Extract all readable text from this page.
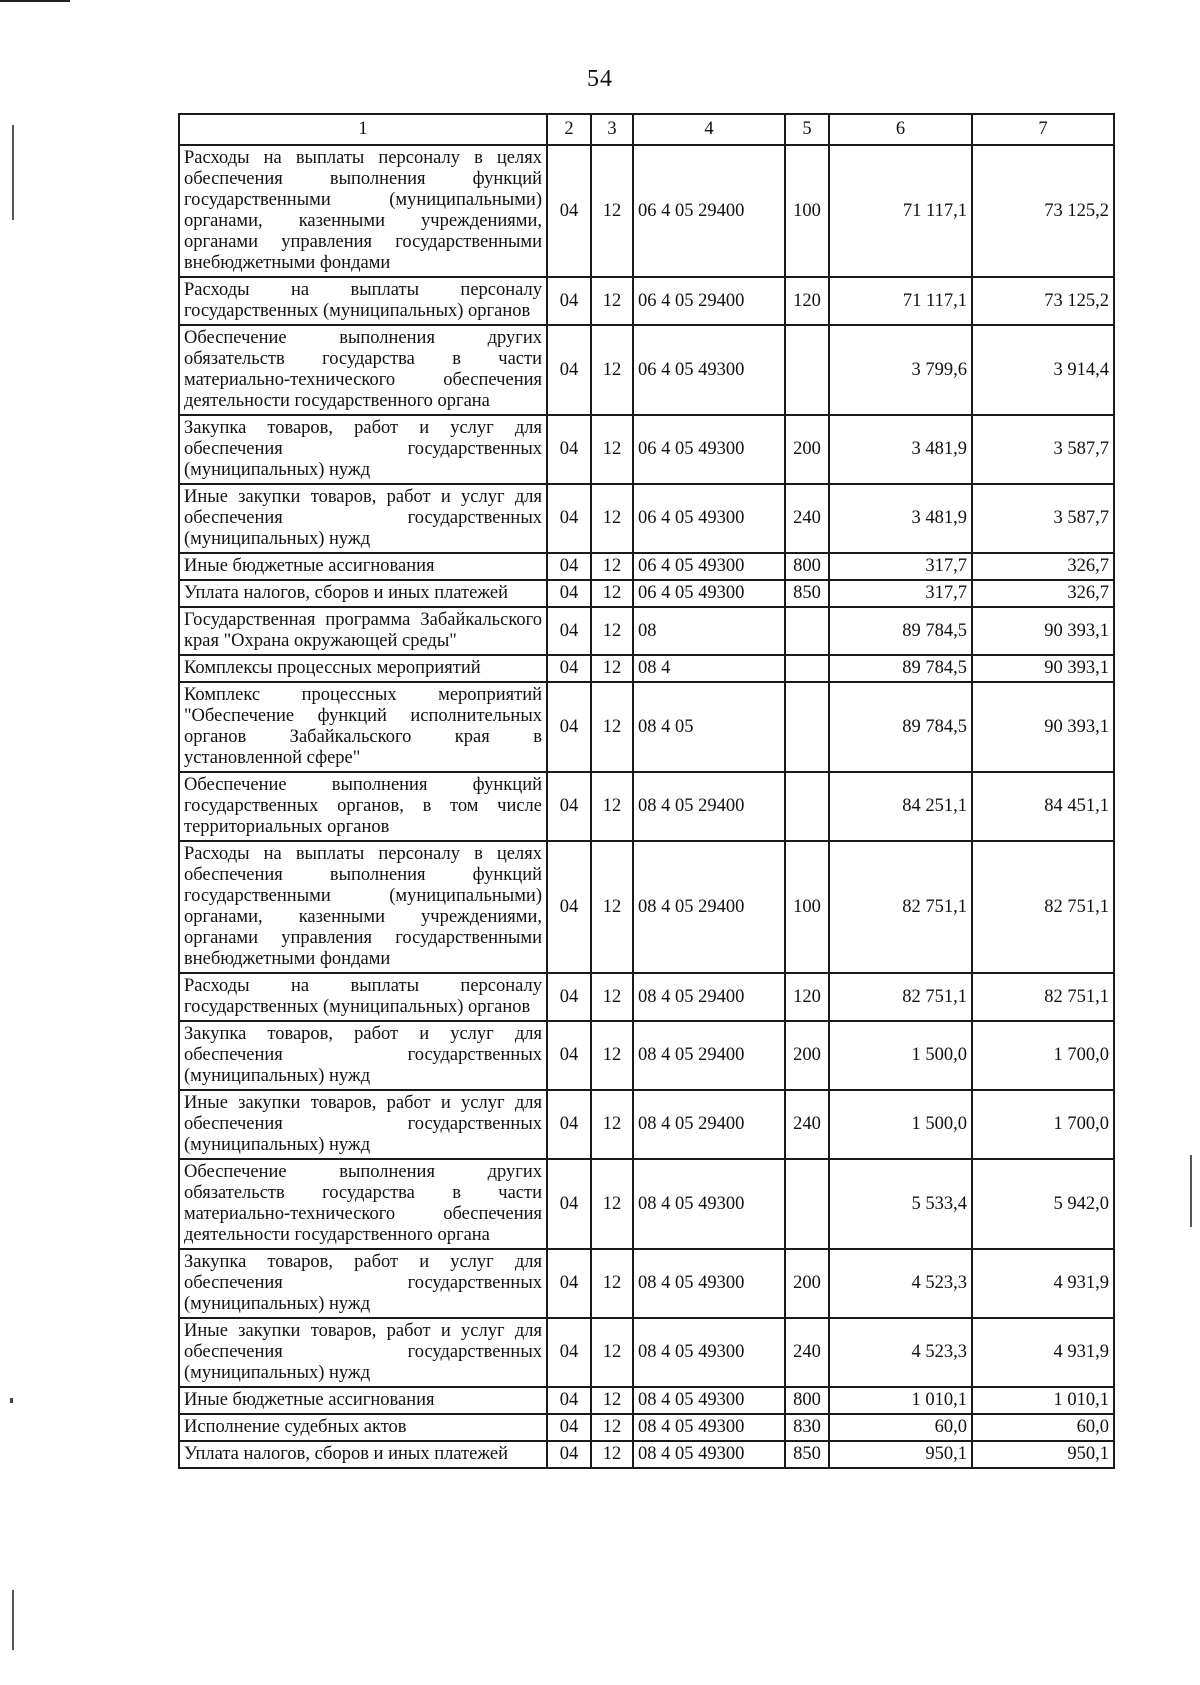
54
1	2	3	4	5	6	7
Расходы на выплаты персоналу в целях обеспечения выполнения функций государственными (муниципальными) органами, казенными учреждениями, органами управления государственными внебюджетными фондами	04	12	06 4 05 29400	100	71 117,1	73 125,2
Расходы на выплаты персоналу государственных (муниципальных) органов	04	12	06 4 05 29400	120	71 117,1	73 125,2
Обеспечение выполнения других обязательств государства в части материально-технического обеспечения деятельности государственного органа	04	12	06 4 05 49300		3 799,6	3 914,4
Закупка товаров, работ и услуг для обеспечения государственных (муниципальных) нужд	04	12	06 4 05 49300	200	3 481,9	3 587,7
Иные закупки товаров, работ и услуг для обеспечения государственных (муниципальных) нужд	04	12	06 4 05 49300	240	3 481,9	3 587,7
Иные бюджетные ассигнования	04	12	06 4 05 49300	800	317,7	326,7
Уплата налогов, сборов и иных платежей	04	12	06 4 05 49300	850	317,7	326,7
Государственная программа Забайкальского края "Охрана окружающей среды"	04	12	08		89 784,5	90 393,1
Комплексы процессных мероприятий	04	12	08 4		89 784,5	90 393,1
Комплекс процессных мероприятий "Обеспечение функций исполнительных органов Забайкальского края в установленной сфере"	04	12	08 4 05		89 784,5	90 393,1
Обеспечение выполнения функций государственных органов, в том числе территориальных органов	04	12	08 4 05 29400		84 251,1	84 451,1
Расходы на выплаты персоналу в целях обеспечения выполнения функций государственными (муниципальными) органами, казенными учреждениями, органами управления государственными внебюджетными фондами	04	12	08 4 05 29400	100	82 751,1	82 751,1
Расходы на выплаты персоналу государственных (муниципальных) органов	04	12	08 4 05 29400	120	82 751,1	82 751,1
Закупка товаров, работ и услуг для обеспечения государственных (муниципальных) нужд	04	12	08 4 05 29400	200	1 500,0	1 700,0
Иные закупки товаров, работ и услуг для обеспечения государственных (муниципальных) нужд	04	12	08 4 05 29400	240	1 500,0	1 700,0
Обеспечение выполнения других обязательств государства в части материально-технического обеспечения деятельности государственного органа	04	12	08 4 05 49300		5 533,4	5 942,0
Закупка товаров, работ и услуг для обеспечения государственных (муниципальных) нужд	04	12	08 4 05 49300	200	4 523,3	4 931,9
Иные закупки товаров, работ и услуг для обеспечения государственных (муниципальных) нужд	04	12	08 4 05 49300	240	4 523,3	4 931,9
Иные бюджетные ассигнования	04	12	08 4 05 49300	800	1 010,1	1 010,1
Исполнение судебных актов	04	12	08 4 05 49300	830	60,0	60,0
Уплата налогов, сборов и иных платежей	04	12	08 4 05 49300	850	950,1	950,1
